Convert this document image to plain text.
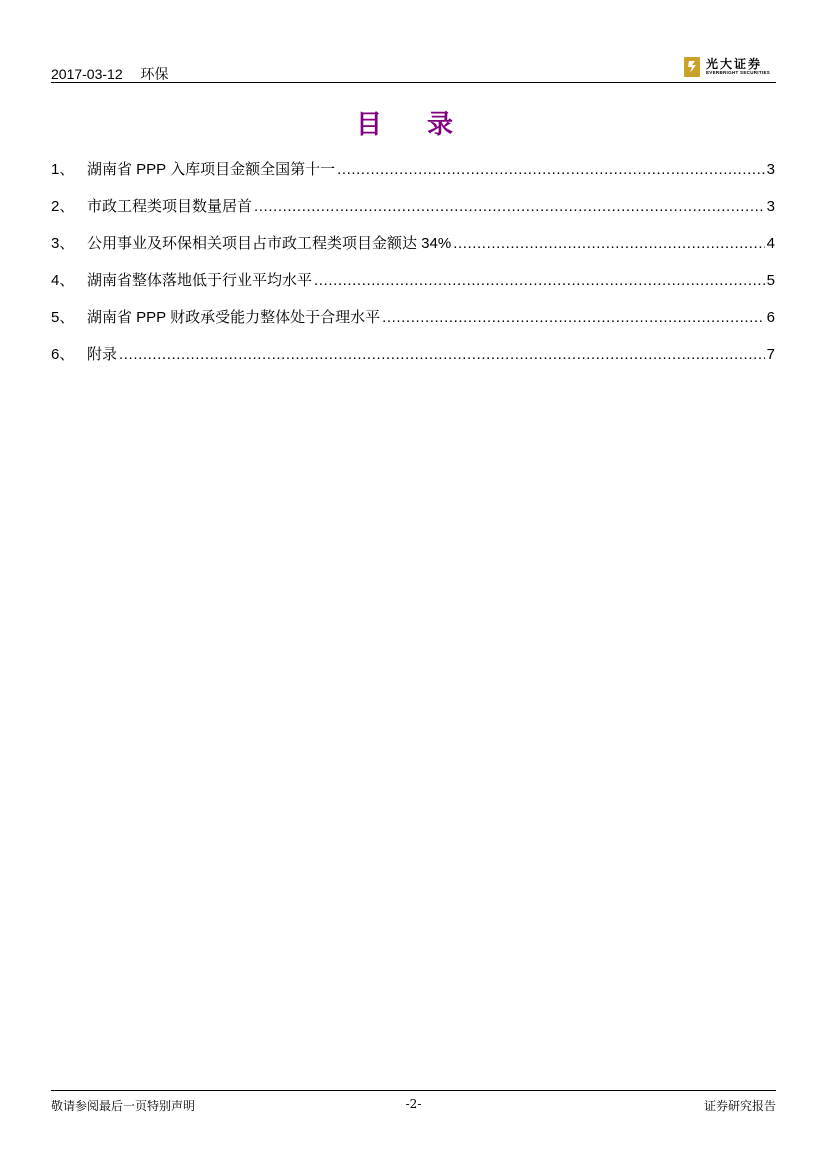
2017-03-12 环保
光大证券
EVERBRIGHT SECURITIES
目 录
1、 湖南省 PPP 入库项目金额全国第十一 .....	3
2、 市政工程类项目数量居首 .....	3
3、 公用事业及环保相关项目占市政工程类项目金额达 34% .....	4
4、 湖南省整体落地低于行业平均水平 .....	5
5、 湖南省 PPP 财政承受能力整体处于合理水平 .....	6
6、 附录 .....	7
敬请参阅最后一页特别声明	-2-	证券研究报告
